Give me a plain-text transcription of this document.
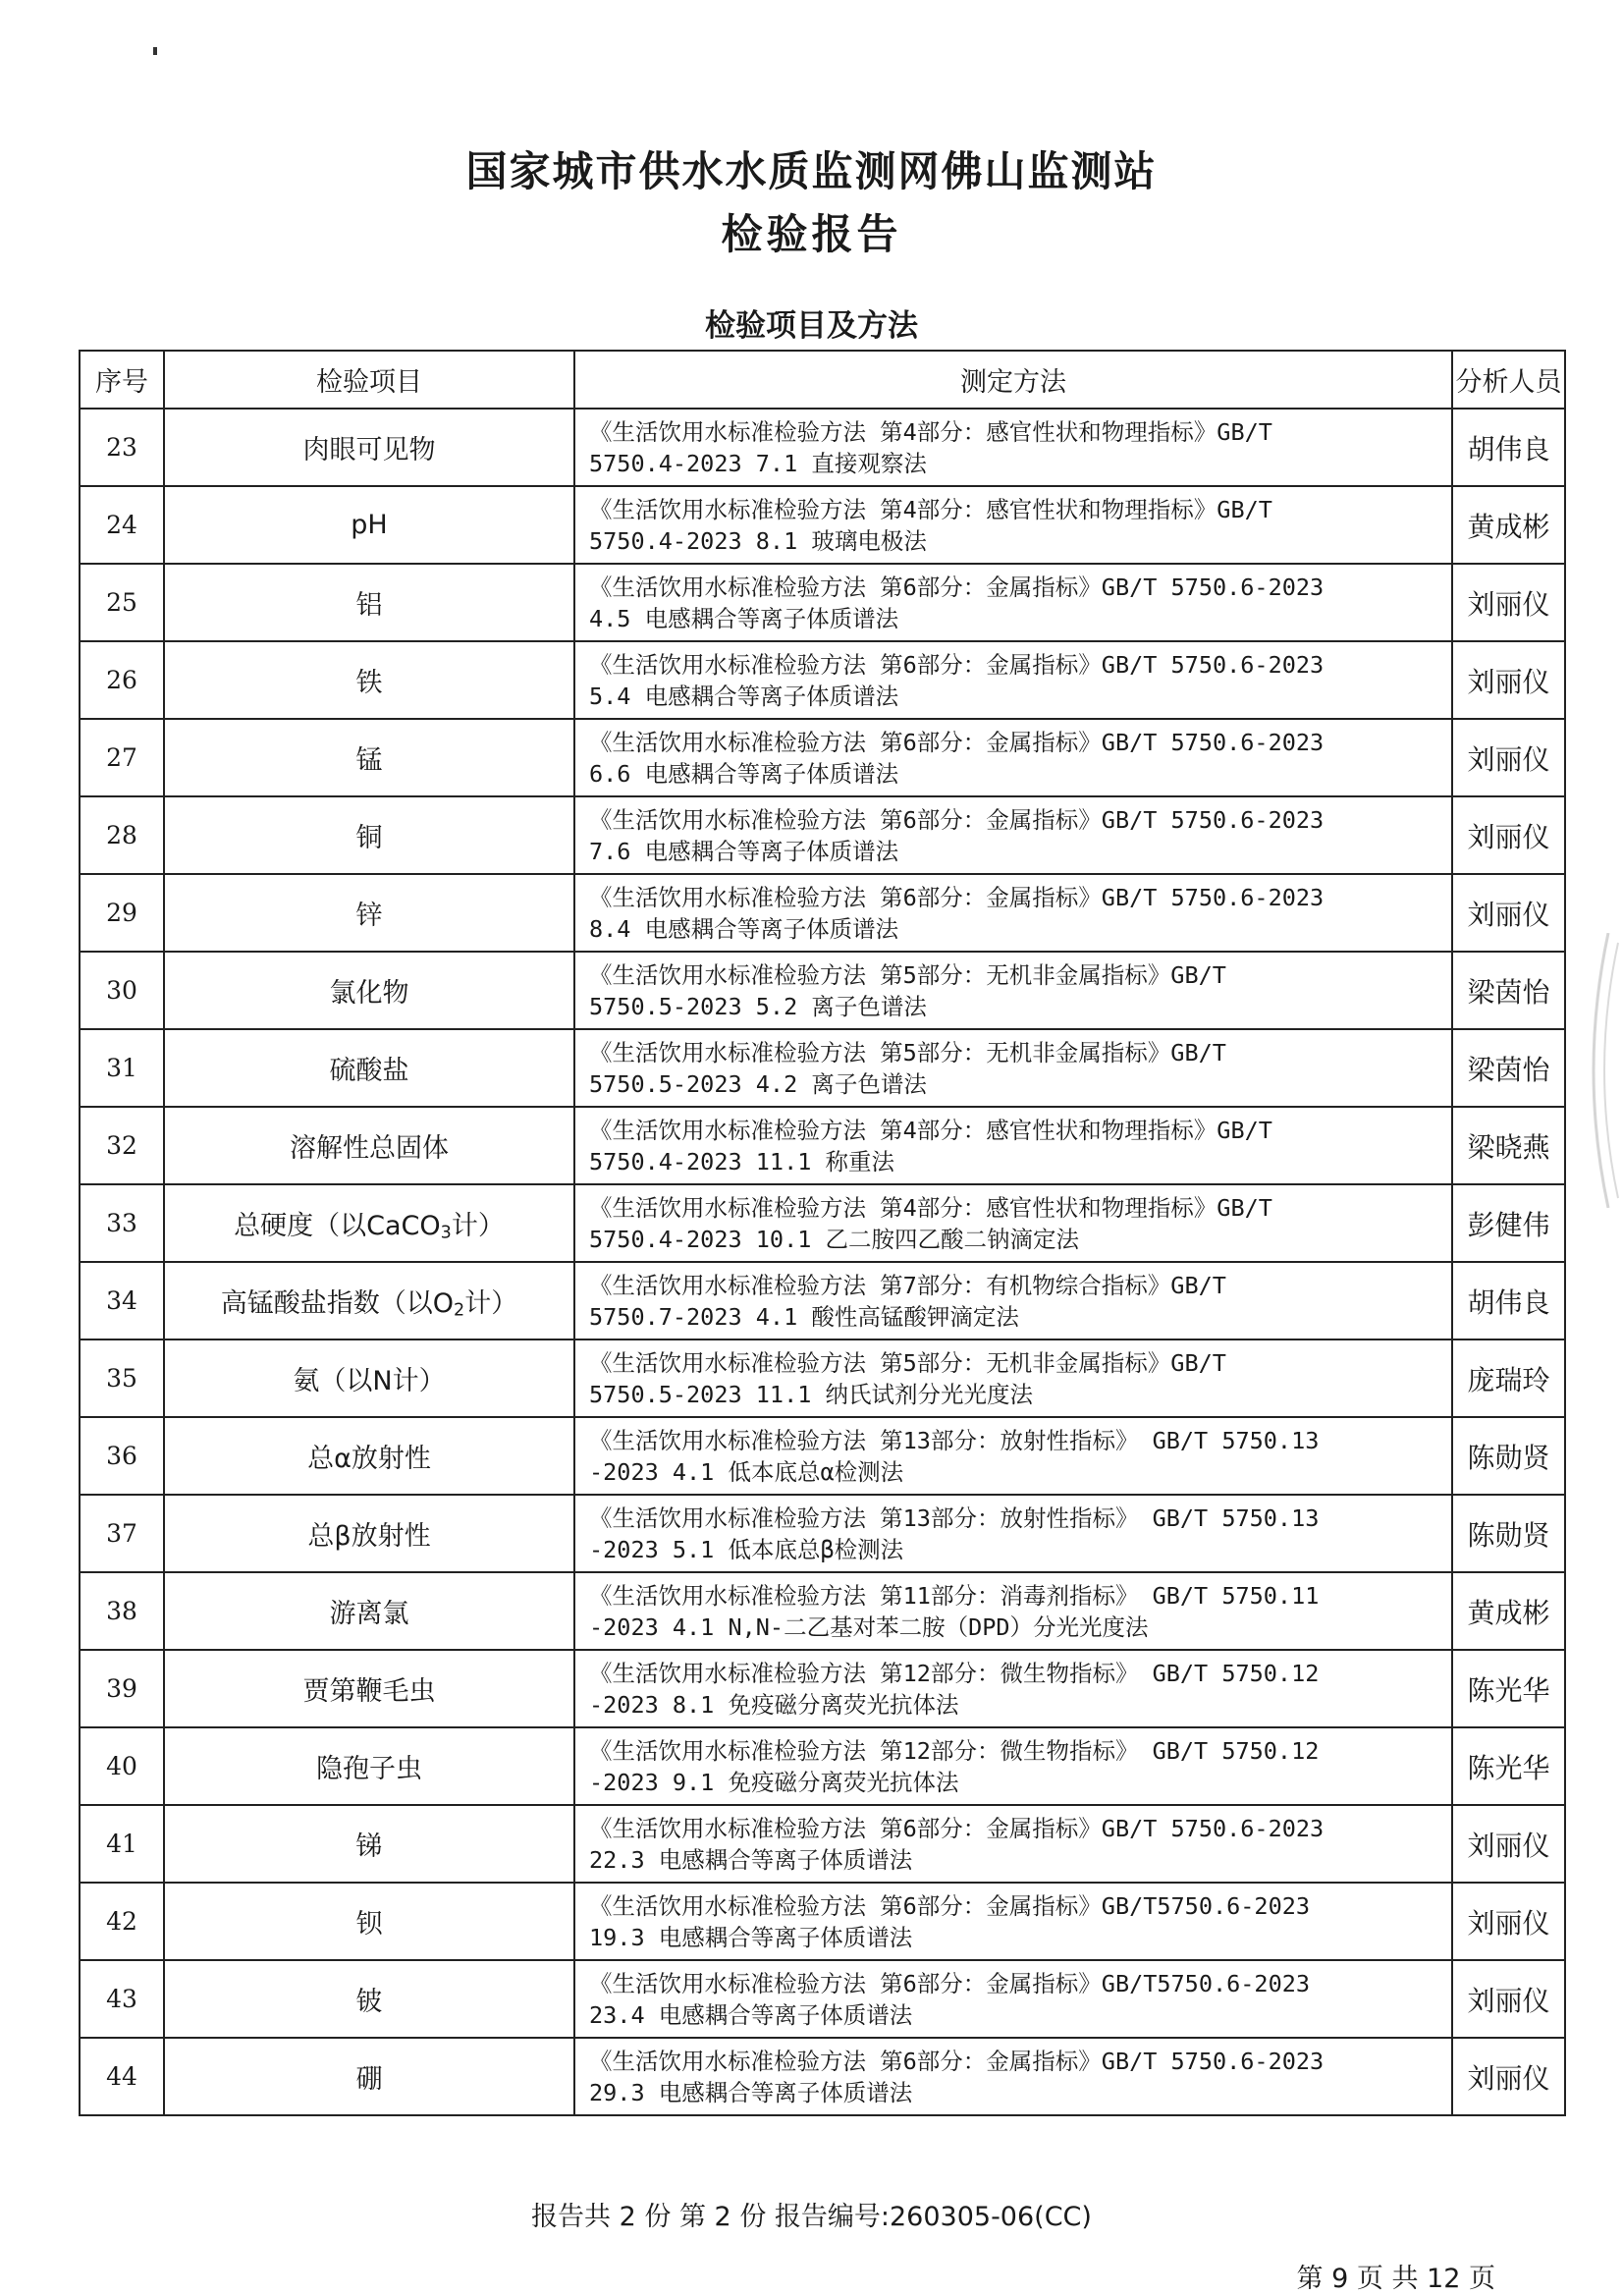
国家城市供水水质监测网佛山监测站
检验报告
检验项目及方法
序号	检验项目	测定方法	分析人员
23	肉眼可见物	《生活饮用水标准检验方法 第4部分：感官性状和物理指标》GB/T
5750.4-2023 7.1 直接观察法	胡伟良
24	pH	《生活饮用水标准检验方法 第4部分：感官性状和物理指标》GB/T
5750.4-2023 8.1 玻璃电极法	黄成彬
25	铝	《生活饮用水标准检验方法 第6部分：金属指标》GB/T 5750.6-2023
4.5 电感耦合等离子体质谱法	刘丽仪
26	铁	《生活饮用水标准检验方法 第6部分：金属指标》GB/T 5750.6-2023
5.4 电感耦合等离子体质谱法	刘丽仪
27	锰	《生活饮用水标准检验方法 第6部分：金属指标》GB/T 5750.6-2023
6.6 电感耦合等离子体质谱法	刘丽仪
28	铜	《生活饮用水标准检验方法 第6部分：金属指标》GB/T 5750.6-2023
7.6 电感耦合等离子体质谱法	刘丽仪
29	锌	《生活饮用水标准检验方法 第6部分：金属指标》GB/T 5750.6-2023
8.4 电感耦合等离子体质谱法	刘丽仪
30	氯化物	《生活饮用水标准检验方法 第5部分：无机非金属指标》GB/T
5750.5-2023 5.2 离子色谱法	梁茵怡
31	硫酸盐	《生活饮用水标准检验方法 第5部分：无机非金属指标》GB/T
5750.5-2023 4.2 离子色谱法	梁茵怡
32	溶解性总固体	《生活饮用水标准检验方法 第4部分：感官性状和物理指标》GB/T
5750.4-2023 11.1 称重法	梁晓燕
33	总硬度（以CaCO$_3$计）	《生活饮用水标准检验方法 第4部分：感官性状和物理指标》GB/T
5750.4-2023 10.1 乙二胺四乙酸二钠滴定法	彭健伟
34	高锰酸盐指数（以$O_2$计）	《生活饮用水标准检验方法 第7部分：有机物综合指标》GB/T
5750.7-2023 4.1 酸性高锰酸钾滴定法	胡伟良
35	氨（以N计）	《生活饮用水标准检验方法 第5部分：无机非金属指标》GB/T
5750.5-2023 11.1 纳氏试剂分光光度法	庞瑞玲
36	总α放射性	《生活饮用水标准检验方法 第13部分：放射性指标》 GB/T 5750.13
-2023 4.1 低本底总α检测法	陈勋贤
37	总β放射性	《生活饮用水标准检验方法 第13部分：放射性指标》 GB/T 5750.13
-2023 5.1 低本底总β检测法	陈勋贤
38	游离氯	《生活饮用水标准检验方法 第11部分：消毒剂指标》 GB/T 5750.11
-2023 4.1 N,N-二乙基对苯二胺（DPD）分光光度法	黄成彬
39	贾第鞭毛虫	《生活饮用水标准检验方法 第12部分：微生物指标》 GB/T 5750.12
-2023 8.1 免疫磁分离荧光抗体法	陈光华
40	隐孢子虫	《生活饮用水标准检验方法 第12部分：微生物指标》 GB/T 5750.12
-2023 9.1 免疫磁分离荧光抗体法	陈光华
41	锑	《生活饮用水标准检验方法 第6部分：金属指标》GB/T 5750.6-2023
22.3 电感耦合等离子体质谱法	刘丽仪
42	钡	《生活饮用水标准检验方法 第6部分：金属指标》GB/T5750.6-2023
19.3 电感耦合等离子体质谱法	刘丽仪
43	铍	《生活饮用水标准检验方法 第6部分：金属指标》GB/T5750.6-2023
23.4 电感耦合等离子体质谱法	刘丽仪
44	硼	《生活饮用水标准检验方法 第6部分：金属指标》GB/T 5750.6-2023
29.3 电感耦合等离子体质谱法	刘丽仪
报告共 2 份 第 2 份 报告编号:260305-06(CC)
第 9 页 共 12 页
